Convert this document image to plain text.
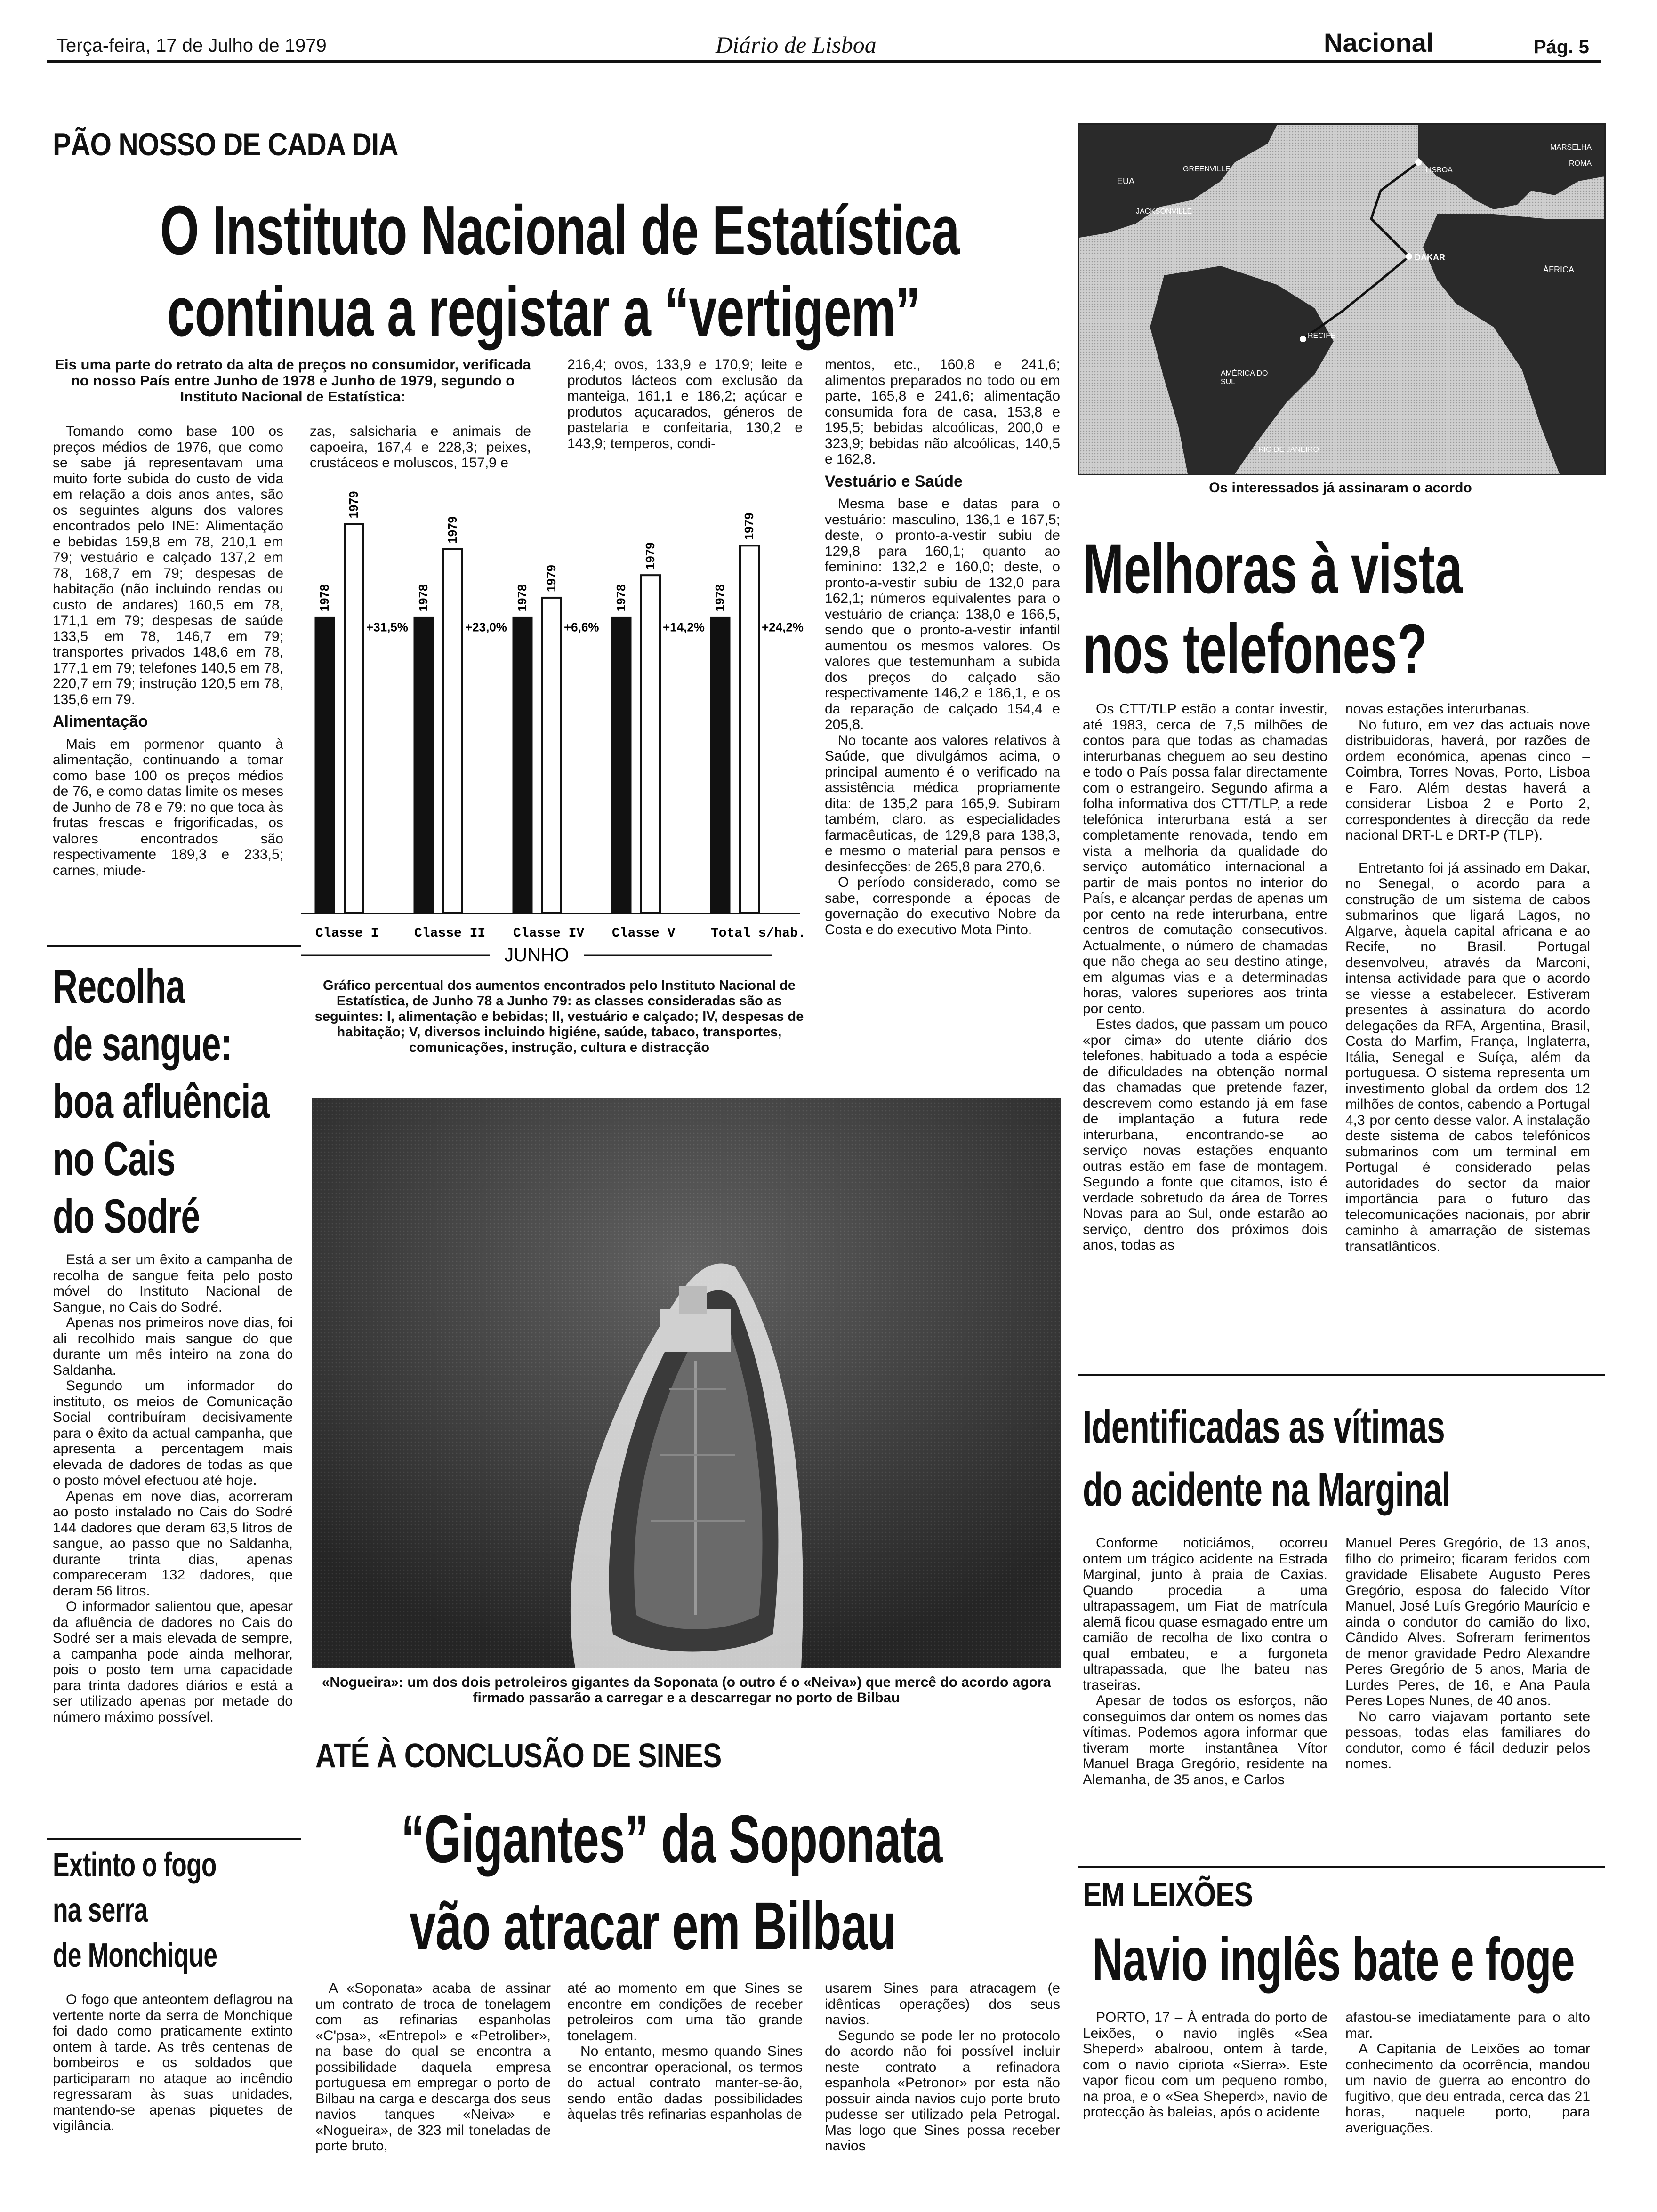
Terça-feira, 17 de Julho de 1979	Diário de Lisboa	Nacional	Pág. 5
PÃO NOSSO DE CADA DIA
O Instituto Nacional de Estatística
continua a registar a “vertigem”
Eis uma parte do retrato da alta de preços no consumidor, verificada no nosso País entre Junho de 1978 e Junho de 1979, segundo o Instituto Nacional de Estatística:

Tomando como base 100 os preços médios de 1976, que como se sabe já representavam uma muito forte subida do custo de vida em relação a dois anos antes, são os seguintes alguns dos valores encontrados pelo INE: Alimentação e bebidas 159,8 em 78, 210,1 em 79; vestuário e calçado 137,2 em 78, 168,7 em 79; despesas de habitação (não incluindo rendas ou custo de andares) 160,5 em 78, 171,1 em 79; despesas de saúde 133,5 em 78, 146,7 em 79; transportes privados 148,6 em 78, 177,1 em 79; telefones 140,5 em 78, 220,7 em 79; instrução 120,5 em 78, 135,6 em 79.

Alimentação

Mais em pormenor quanto à alimentação, continuando a tomar como base 100 os preços médios de 76, e como datas limite os meses de Junho de 78 e 79: no que toca às frutas frescas e frigorificadas, os valores encontrados são respectivamente 189,3 e 233,5; carnes, miude-

zas, salsicharia e animais de capoeira, 167,4 e 228,3; peixes, crustáceos e moluscos, 157,9 e

216,4; ovos, 133,9 e 170,9; leite e produtos lácteos com exclusão da manteiga, 161,1 e 186,2; açúcar e produtos açucarados, géneros de pastelaria e confeitaria, 130,2 e 143,9; temperos, condi-

mentos, etc., 160,8 e 241,6; alimentos preparados no todo ou em parte, 165,8 e 241,6; alimentação consumida fora de casa, 153,8 e 195,5; bebidas alcoólicas, 200,0 e 323,9; bebidas não alcoólicas, 140,5 e 162,8.

Vestuário e Saúde

Mesma base e datas para o vestuário: masculino, 136,1 e 167,5; deste, o pronto-a-vestir subiu de 129,8 para 160,1; quanto ao feminino: 132,2 e 160,0; deste, o pronto-a-vestir subiu de 132,0 para 162,1; números equivalentes para o vestuário de criança: 138,0 e 166,5, sendo que o pronto-a-vestir infantil aumentou os mesmos valores. Os valores que testemunham a subida dos preços do calçado são respectivamente 146,2 e 186,1, e os da reparação de calçado 154,4 e 205,8.

No tocante aos valores relativos à Saúde, que divulgámos acima, o principal aumento é o verificado na assistência médica propriamente dita: de 135,2 para 165,9. Subiram também, claro, as especialidades farmacêuticas, de 129,8 para 138,3, e mesmo o material para pensos e desinfecções: de 265,8 para 270,6.

O período considerado, como se sabe, corresponde a épocas de governação do executivo Nobre da Costa e do executivo Mota Pinto.

1978
1979
+31,5%
Classe I
1978
1979
+23,0%
Classe II
1978
1979
+6,6%
Classe IV
1978
1979
+14,2%
Classe V
1978
1979
+24,2%
Total s/hab.
JUNHO
Gráfico percentual dos aumentos encontrados pelo Instituto Nacional de Estatística, de Junho 78 a Junho 79: as classes consideradas são as seguintes: I, alimentação e bebidas; II, vestuário e calçado; IV, despesas de habitação; V, diversos incluindo higiéne, saúde, tabaco, transportes, comunicações, instrução, cultura e distracção
EUA
GREENVILLE
JACKSONVILLE
MARSELHA
LISBOA
ROMA
DAKAR
ÁFRICA
AMÉRICA DO SUL
RECIFE
RIO DE JANEIRO
Os interessados já assinaram o acordo
Melhoras à vista
nos telefones?

Os CTT/TLP estão a contar investir, até 1983, cerca de 7,5 milhões de contos para que todas as chamadas interurbanas cheguem ao seu destino e todo o País possa falar directamente com o estrangeiro. Segundo afirma a folha informativa dos CTT/TLP, a rede telefónica interurbana está a ser completamente renovada, tendo em vista a melhoria da qualidade do serviço automático internacional a partir de mais pontos no interior do País, e alcançar perdas de apenas um por cento na rede interurbana, entre centros de comutação consecutivos. Actualmente, o número de chamadas que não chega ao seu destino atinge, em algumas vias e a determinadas horas, valores superiores aos trinta por cento.

Estes dados, que passam um pouco «por cima» do utente diário dos telefones, habituado a toda a espécie de dificuldades na obtenção normal das chamadas que pretende fazer, descrevem como estando já em fase de implantação a futura rede interurbana, encontrando-se ao serviço novas estações enquanto outras estão em fase de montagem. Segundo a fonte que citamos, isto é verdade sobretudo da área de Torres Novas para ao Sul, onde estarão ao serviço, dentro dos próximos dois anos, todas as

novas estações interurbanas.

No futuro, em vez das actuais nove distribuidoras, haverá, por razões de ordem económica, apenas cinco – Coimbra, Torres Novas, Porto, Lisboa e Faro. Além destas haverá a considerar Lisboa 2 e Porto 2, correspondentes à direcção da rede nacional DRT-L e DRT-P (TLP).

Entretanto foi já assinado em Dakar, no Senegal, o acordo para a construção de um sistema de cabos submarinos que ligará Lagos, no Algarve, àquela capital africana e ao Recife, no Brasil. Portugal desenvolveu, através da Marconi, intensa actividade para que o acordo se viesse a estabelecer. Estiveram presentes à assinatura do acordo delegações da RFA, Argentina, Brasil, Costa do Marfim, França, Inglaterra, Itália, Senegal e Suíça, além da portuguesa. O sistema representa um investimento global da ordem dos 12 milhões de contos, cabendo a Portugal 4,3 por cento desse valor. A instalação deste sistema de cabos telefónicos submarinos com um terminal em Portugal é considerado pelas autoridades do sector da maior importância para o futuro das telecomunicações nacionais, por abrir caminho à amarração de sistemas transatlânticos.

Recolha
de sangue:
boa afluência
no Cais
do Sodré

Está a ser um êxito a campanha de recolha de sangue feita pelo posto móvel do Instituto Nacional de Sangue, no Cais do Sodré.

Apenas nos primeiros nove dias, foi ali recolhido mais sangue do que durante um mês inteiro na zona do Saldanha.

Segundo um informador do instituto, os meios de Comunicação Social contribuíram decisivamente para o êxito da actual campanha, que apresenta a percentagem mais elevada de dadores de todas as que o posto móvel efectuou até hoje.

Apenas em nove dias, acorreram ao posto instalado no Cais do Sodré 144 dadores que deram 63,5 litros de sangue, ao passo que no Saldanha, durante trinta dias, apenas compareceram 132 dadores, que deram 56 litros.

O informador salientou que, apesar da afluência de dadores no Cais do Sodré ser a mais elevada de sempre, a campanha pode ainda melhorar, pois o posto tem uma capacidade para trinta dadores diários e está a ser utilizado apenas por metade do número máximo possível.

Extinto o fogo
na serra
de Monchique

O fogo que anteontem deflagrou na vertente norte da serra de Monchique foi dado como praticamente extinto ontem à tarde. As três centenas de bombeiros e os soldados que participaram no ataque ao incêndio regressaram às suas unidades, mantendo-se apenas piquetes de vigilância.

«Nogueira»: um dos dois petroleiros gigantes da Soponata (o outro é o «Neiva») que mercê do acordo agora firmado passarão a carregar e a descarregar no porto de Bilbau
ATÉ À CONCLUSÃO DE SINES
“Gigantes” da Soponata
vão atracar em Bilbau

A «Soponata» acaba de assinar um contrato de troca de tonelagem com as refinarias espanholas «C'psa», «Entrepol» e «Petroliber», na base do qual se encontra a possibilidade daquela empresa portuguesa em empregar o porto de Bilbau na carga e descarga dos seus navios tanques «Neiva» e «Nogueira», de 323 mil toneladas de porte bruto,

até ao momento em que Sines se encontre em condições de receber petroleiros com uma tão grande tonelagem.

No entanto, mesmo quando Sines se encontrar operacional, os termos do actual contrato manter-se-ão, sendo então dadas possibilidades àquelas três refinarias espanholas de

usarem Sines para atracagem (e idênticas operações) dos seus navios.

Segundo se pode ler no protocolo do acordo não foi possível incluir neste contrato a refinadora espanhola «Petronor» por esta não possuir ainda navios cujo porte bruto pudesse ser utilizado pela Petrogal. Mas logo que Sines possa receber navios

Identificadas as vítimas
do acidente na Marginal

Conforme noticiámos, ocorreu ontem um trágico acidente na Estrada Marginal, junto à praia de Caxias. Quando procedia a uma ultrapassagem, um Fiat de matrícula alemã ficou quase esmagado entre um camião de recolha de lixo contra o qual embateu, e a furgoneta ultrapassada, que lhe bateu nas traseiras.

Apesar de todos os esforços, não conseguimos dar ontem os nomes das vítimas. Podemos agora informar que tiveram morte instantânea Vítor Manuel Braga Gregório, residente na Alemanha, de 35 anos, e Carlos

Manuel Peres Gregório, de 13 anos, filho do primeiro; ficaram feridos com gravidade Elisabete Augusto Peres Gregório, esposa do falecido Vítor Manuel, José Luís Gregório Maurício e ainda o condutor do camião do lixo, Cândido Alves. Sofreram ferimentos de menor gravidade Pedro Alexandre Peres Gregório de 5 anos, Maria de Lurdes Peres, de 16, e Ana Paula Peres Lopes Nunes, de 40 anos.

No carro viajavam portanto sete pessoas, todas elas familiares do condutor, como é fácil deduzir pelos nomes.

EM LEIXÕES
Navio inglês bate e foge

PORTO, 17 – À entrada do porto de Leixões, o navio inglês «Sea Sheperd» abalroou, ontem à tarde, com o navio cipriota «Sierra». Este vapor ficou com um pequeno rombo, na proa, e o «Sea Sheperd», navio de protecção às baleias, após o acidente

afastou-se imediatamente para o alto mar.

A Capitania de Leixões ao tomar conhecimento da ocorrência, mandou um navio de guerra ao encontro do fugitivo, que deu entrada, cerca das 21 horas, naquele porto, para averiguações.
